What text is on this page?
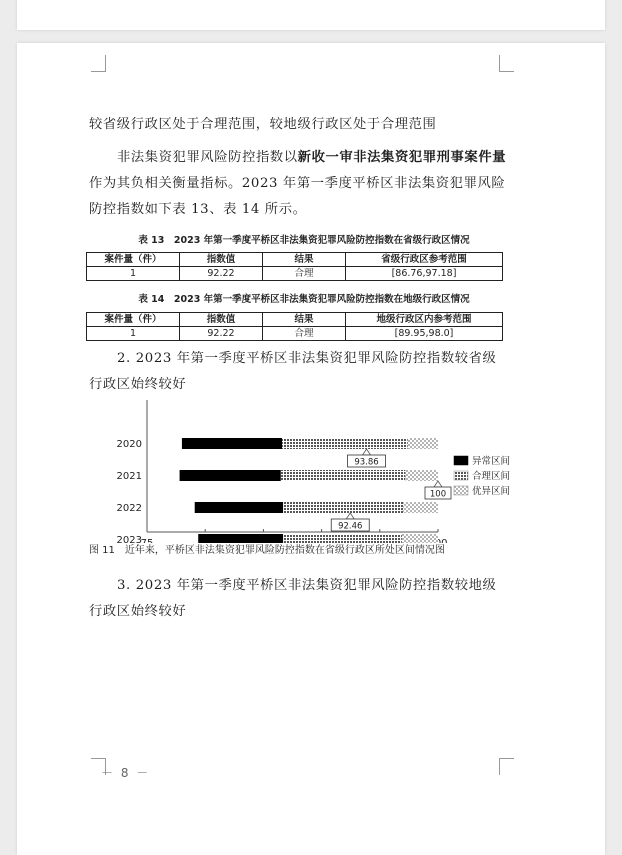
较省级行政区处于合理范围，较地级行政区处于合理范围
非法集资犯罪风险防控指数以新收一审非法集资犯罪刑事案件量作为其负相关衡量指标。2023 年第一季度平桥区非法集资犯罪风险防控指数如下表 13、表 14 所示。
表 13　2023 年第一季度平桥区非法集资犯罪风险防控指数在省级行政区情况
案件量（件）	指数值	结果	省级行政区参考范围
1	92.22	合理	[86.76,97.18]
表 14　2023 年第一季度平桥区非法集资犯罪风险防控指数在地级行政区情况
案件量（件）	指数值	结果	地级行政区内参考范围
1	92.22	合理	[89.95,98.0]
2. 2023 年第一季度平桥区非法集资犯罪风险防控指数较省级行政区始终较好
2020
2021
2022
2023
93.86
100
92.46
异常区间
合理区间
优异区间
图 11　近年来，平桥区非法集资犯罪风险防控指数在省级行政区所处区间情况图
3. 2023 年第一季度平桥区非法集资犯罪风险防控指数较地级行政区始终较好
－ 8 －
